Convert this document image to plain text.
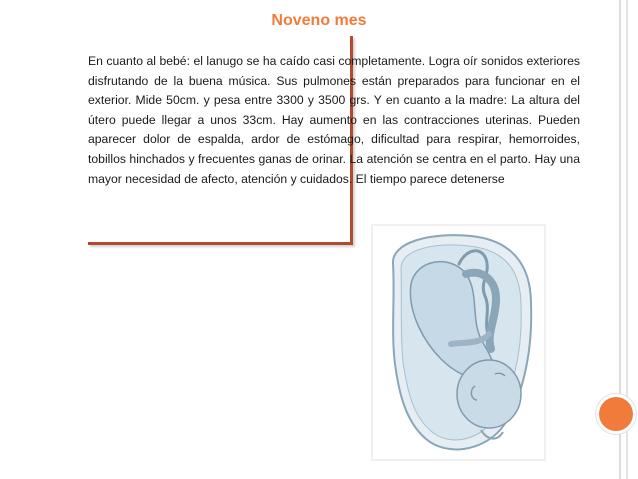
Noveno mes

En cuanto al bebé: el lanugo se ha caído casi completamente. Logra oír sonidos exteriores disfrutando de la buena música. Sus pulmones están preparados para funcionar en el exterior. Mide 50cm. y pesa entre 3300 y 3500 grs. Y en cuanto a la madre: La altura del útero puede llegar a unos 33cm. Hay aumento en las contracciones uterinas. Pueden aparecer dolor de espalda, ardor de estómago, dificultad para respirar, hemorroides, tobillos hinchados y frecuentes ganas de orinar. La atención se centra en el parto. Hay una mayor necesidad de afecto, atención y cuidados. El tiempo parece detenerse
